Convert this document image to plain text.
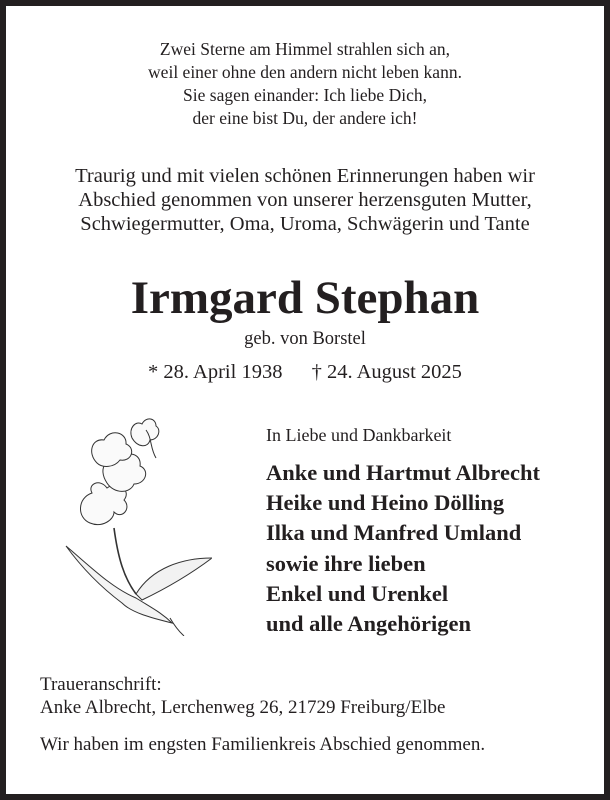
Zwei Sterne am Himmel strahlen sich an,
weil einer ohne den andern nicht leben kann.
Sie sagen einander: Ich liebe Dich,
der eine bist Du, der andere ich!
Traurig und mit vielen schönen Erinnerungen haben wir
Abschied genommen von unserer herzensguten Mutter,
Schwiegermutter, Oma, Uroma, Schwägerin und Tante
Irmgard Stephan
geb. von Borstel
* 28. April 1938 † 24. August 2025
In Liebe und Dankbarkeit
Anke und Hartmut Albrecht
Heike und Heino Dölling
Ilka und Manfred Umland
sowie ihre lieben
Enkel und Urenkel
und alle Angehörigen
Traueranschrift:
Anke Albrecht, Lerchenweg 26, 21729 Freiburg/Elbe
Wir haben im engsten Familienkreis Abschied genommen.
